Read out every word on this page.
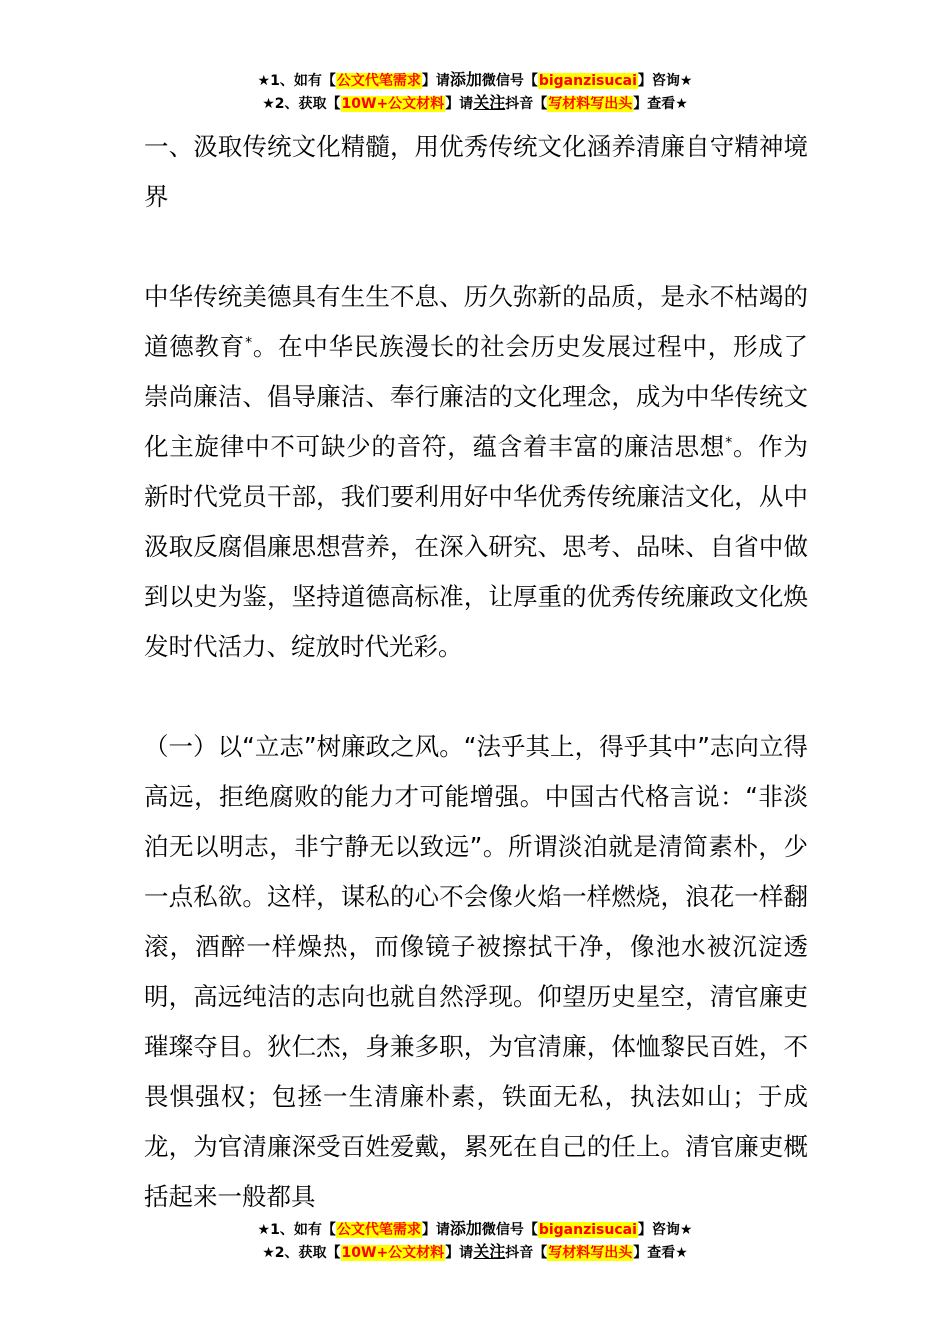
★1、如有【公文代笔需求】请添加微信号【biganzisucai】咨询★
★2、获取【10W+公文材料】请关注抖音【写材料写出头】查看★

一、汲取传统文化精髓，用优秀传统文化涵养清廉自守精神境界

中华传统美德具有生生不息、历久弥新的品质，是永不枯竭的道德教育*。在中华民族漫长的社会历史发展过程中，形成了崇尚廉洁、倡导廉洁、奉行廉洁的文化理念，成为中华传统文化主旋律中不可缺少的音符，蕴含着丰富的廉洁思想*。作为新时代党员干部，我们要利用好中华优秀传统廉洁文化，从中汲取反腐倡廉思想营养，在深入研究、思考、品味、自省中做到以史为鉴，坚持道德高标准，让厚重的优秀传统廉政文化焕发时代活力、绽放时代光彩。

（一）以“立志”树廉政之风。“法乎其上，得乎其中”志向立得高远，拒绝腐败的能力才可能增强。中国古代格言说：“非淡泊无以明志，非宁静无以致远”。所谓淡泊就是清简素朴，少一点私欲。这样，谋私的心不会像火焰一样燃烧，浪花一样翻滚，酒醉一样燥热，而像镜子被擦拭干净，像池水被沉淀透明，高远纯洁的志向也就自然浮现。仰望历史星空，清官廉吏璀璨夺目。狄仁杰，身兼多职，为官清廉，体恤黎民百姓，不畏惧强权；包拯一生清廉朴素，铁面无私，执法如山；于成龙，为官清廉深受百姓爱戴，累死在自己的任上。清官廉吏概括起来一般都具

★1、如有【公文代笔需求】请添加微信号【biganzisucai】咨询★
★2、获取【10W+公文材料】请关注抖音【写材料写出头】查看★
